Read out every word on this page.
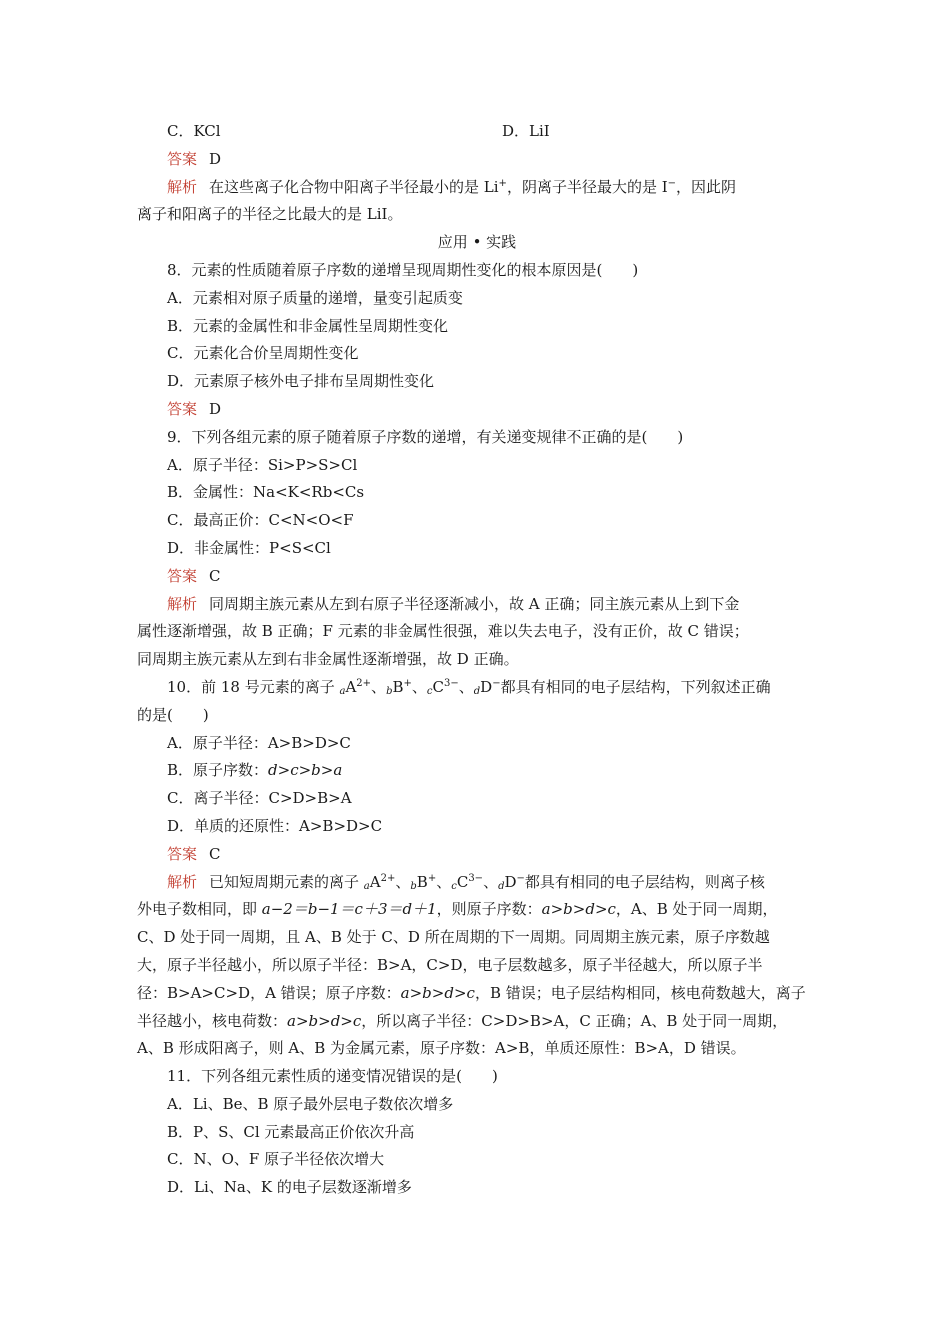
C．KCl	D．LiI
答案 D
解析 在这些离子化合物中阳离子半径最小的是 Li+，阴离子半径最大的是 I−，因此阴
离子和阳离子的半径之比最大的是 LiI。
应用 • 实践
8．元素的性质随着原子序数的递增呈现周期性变化的根本原因是(　　)
A．元素相对原子质量的递增，量变引起质变
B．元素的金属性和非金属性呈周期性变化
C．元素化合价呈周期性变化
D．元素原子核外电子排布呈周期性变化
答案 D
9．下列各组元素的原子随着原子序数的递增，有关递变规律不正确的是(　　)
A．原子半径：Si>P>S>Cl
B．金属性：Na<K<Rb<Cs
C．最高正价：C<N<O<F
D．非金属性：P<S<Cl
答案 C
解析 同周期主族元素从左到右原子半径逐渐减小，故 A 正确；同主族元素从上到下金
属性逐渐增强，故 B 正确；F 元素的非金属性很强，难以失去电子，没有正价，故 C 错误；
同周期主族元素从左到右非金属性逐渐增强，故 D 正确。
10．前 18 号元素的离子 $aA^{2+}$、bB+、$cC^{3-}$、dD−都具有相同的电子层结构，下列叙述正确
的是(　　)
A．原子半径：A>B>D>C
B．原子序数：d>c>b>a
C．离子半径：C>D>B>A
D．单质的还原性：A>B>D>C
答案 C
解析 已知短周期元素的离子 $aA^{2+}$、bB+、$cC^{3-}$、dD−都具有相同的电子层结构，则离子核
外电子数相同，即 a−2＝b−1＝c＋3＝d＋1，则原子序数：a>b>d>c，A、B 处于同一周期，
C、D 处于同一周期，且 A、B 处于 C、D 所在周期的下一周期。同周期主族元素，原子序数越
大，原子半径越小，所以原子半径：B>A，C>D，电子层数越多，原子半径越大，所以原子半
径：B>A>C>D，A 错误；原子序数：a>b>d>c，B 错误；电子层结构相同，核电荷数越大，离子
半径越小，核电荷数：a>b>d>c，所以离子半径：C>D>B>A，C 正确；A、B 处于同一周期，
A、B 形成阳离子，则 A、B 为金属元素，原子序数：A>B，单质还原性：B>A，D 错误。
11．下列各组元素性质的递变情况错误的是(　　)
A．Li、Be、B 原子最外层电子数依次增多
B．P、S、Cl 元素最高正价依次升高
C．N、O、F 原子半径依次增大
D．Li、Na、K 的电子层数逐渐增多
